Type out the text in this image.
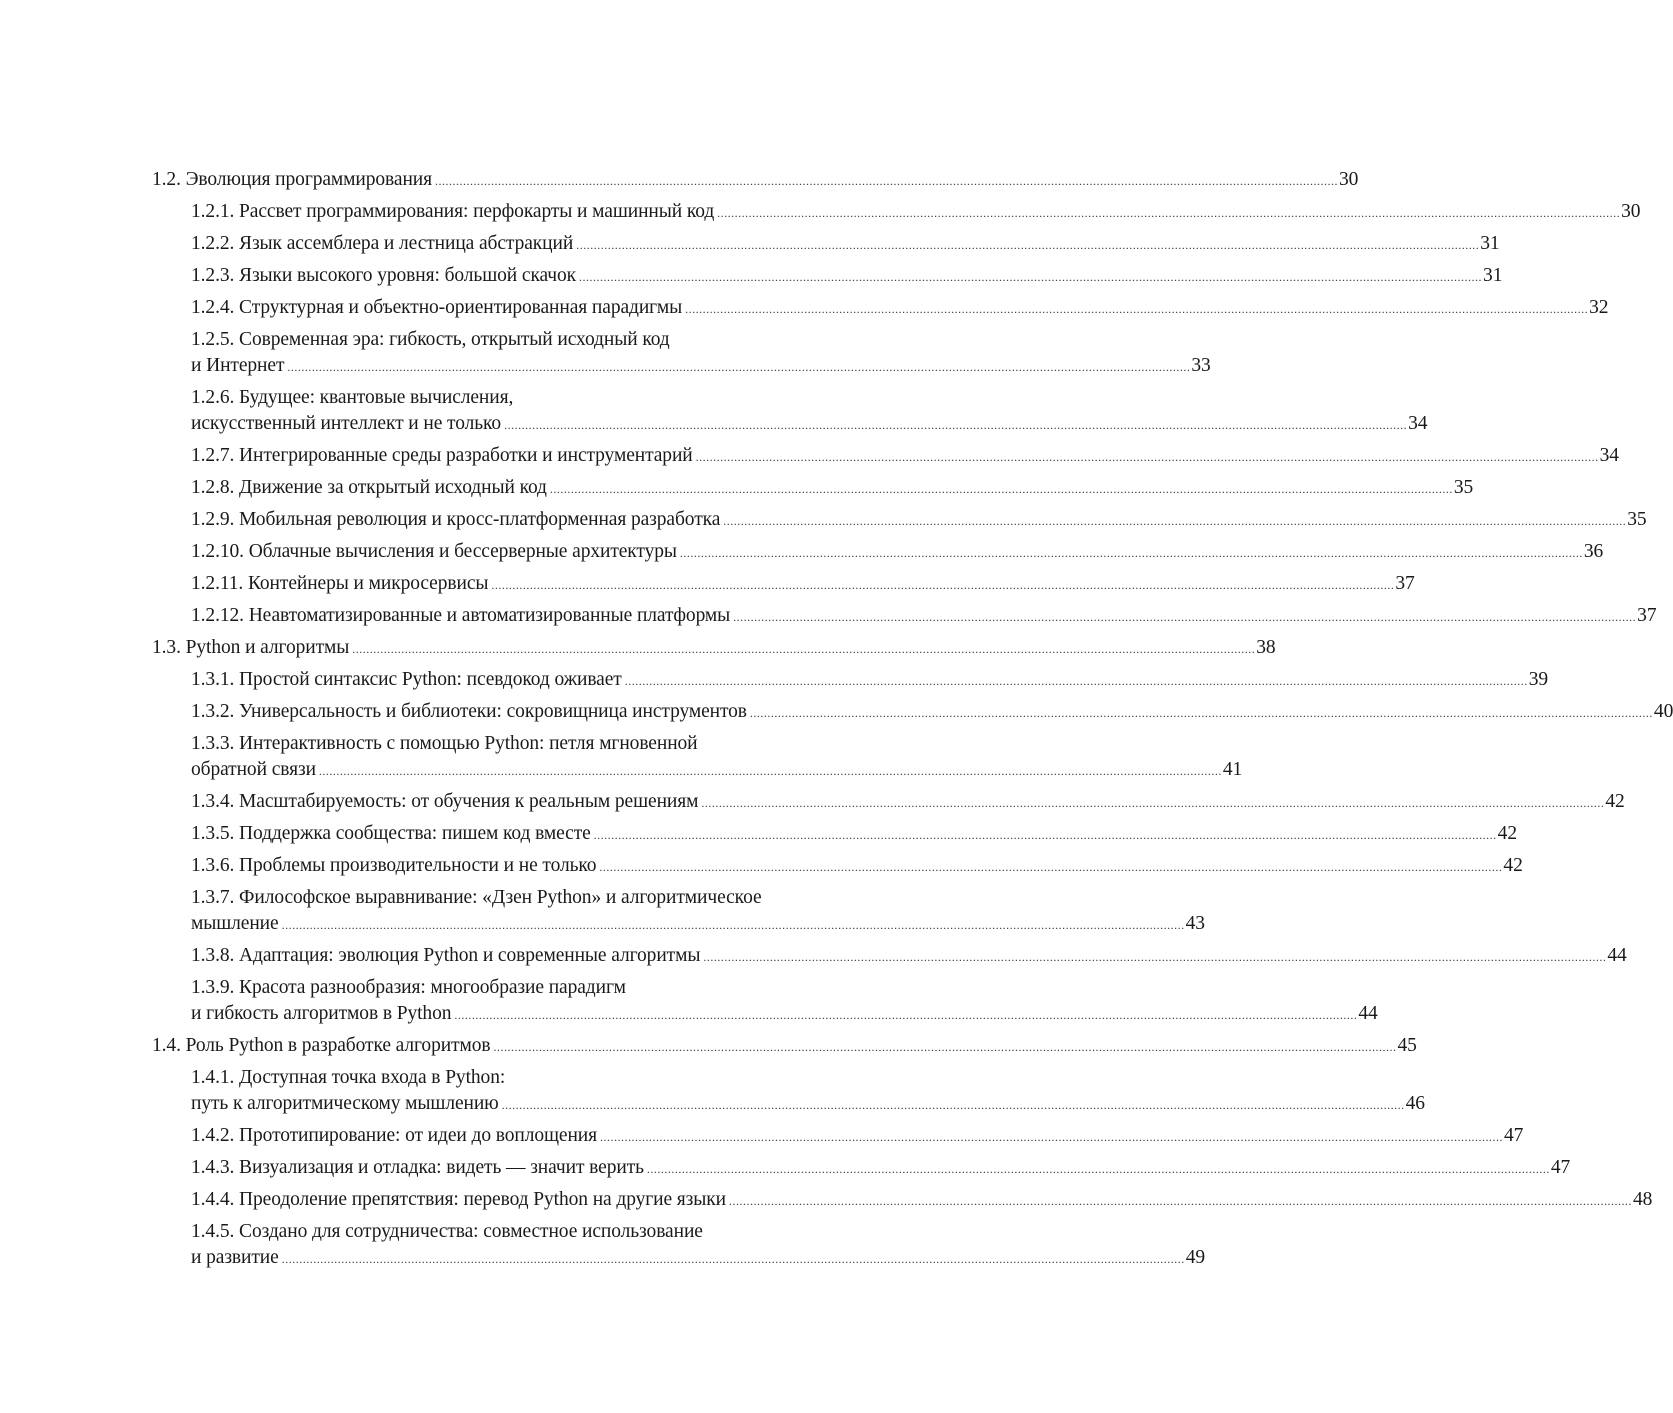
1.2. Эволюция программирования .....	30
1.2.1. Рассвет программирования: перфокарты и машинный код .....	30
1.2.2. Язык ассемблера и лестница абстракций .....	31
1.2.3. Языки высокого уровня: большой скачок .....	31
1.2.4. Структурная и объектно-ориентированная парадигмы .....	32
1.2.5. Современная эра: гибкость, открытый исходный код
и Интернет .....	33
1.2.6. Будущее: квантовые вычисления,
искусственный интеллект и не только .....	34
1.2.7. Интегрированные среды разработки и инструментарий .....	34
1.2.8. Движение за открытый исходный код .....	35
1.2.9. Мобильная революция и кросс-платформенная разработка .....	35
1.2.10. Облачные вычисления и бессерверные архитектуры .....	36
1.2.11. Контейнеры и микросервисы .....	37
1.2.12. Неавтоматизированные и автоматизированные платформы .....	37
1.3. Python и алгоритмы .....	38
1.3.1. Простой синтаксис Python: псевдокод оживает .....	39
1.3.2. Универсальность и библиотеки: сокровищница инструментов .....	40
1.3.3. Интерактивность с помощью Python: петля мгновенной
обратной связи .....	41
1.3.4. Масштабируемость: от обучения к реальным решениям .....	42
1.3.5. Поддержка сообщества: пишем код вместе .....	42
1.3.6. Проблемы производительности и не только .....	42
1.3.7. Философское выравнивание: «Дзен Python» и алгоритмическое
мышление .....	43
1.3.8. Адаптация: эволюция Python и современные алгоритмы .....	44
1.3.9. Красота разнообразия: многообразие парадигм
и гибкость алгоритмов в Python .....	44
1.4. Роль Python в разработке алгоритмов .....	45
1.4.1. Доступная точка входа в Python:
путь к алгоритмическому мышлению .....	46
1.4.2. Прототипирование: от идеи до воплощения .....	47
1.4.3. Визуализация и отладка: видеть — значит верить .....	47
1.4.4. Преодоление препятствия: перевод Python на другие языки .....	48
1.4.5. Создано для сотрудничества: совместное использование
и развитие .....	49
